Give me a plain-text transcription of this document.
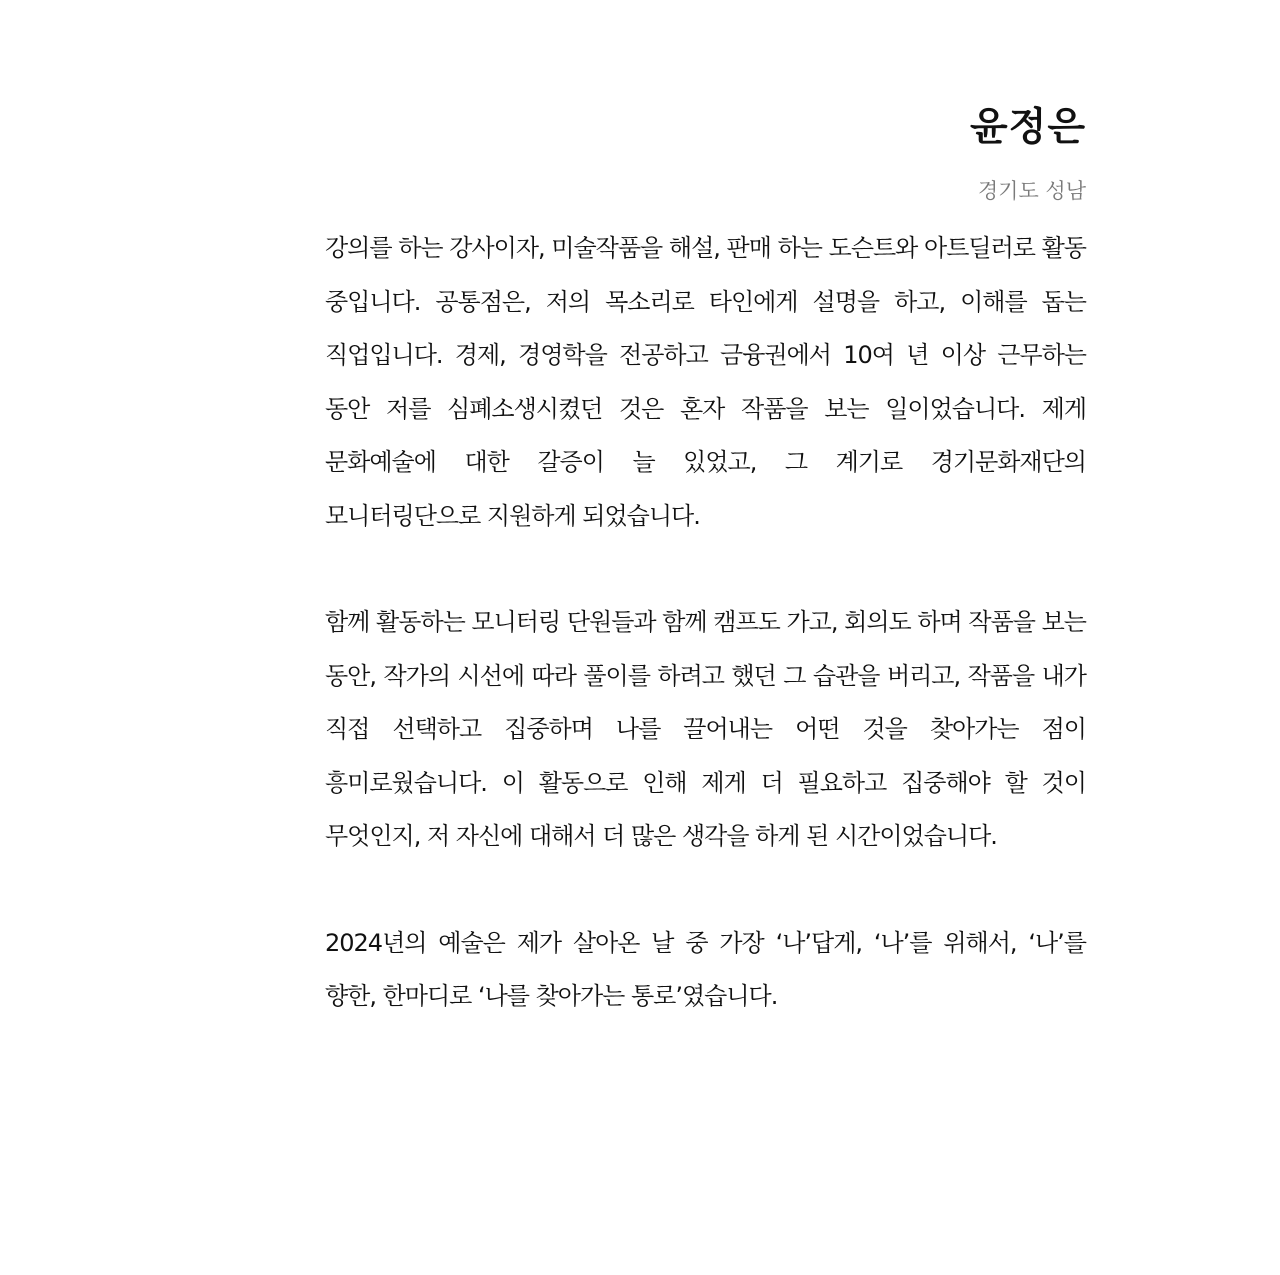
윤정은
경기도 성남

강의를 하는 강사이자, 미술작품을 해설, 판매 하는 도슨트와 아트딜러로 활동 중입니다. 공통점은, 저의 목소리로 타인에게 설명을 하고, 이해를 돕는 직업입니다. 경제, 경영학을 전공하고 금융권에서 10여 년 이상 근무하는 동안 저를 심폐소생시켰던 것은 혼자 작품을 보는 일이었습니다. 제게 문화예술에 대한 갈증이 늘 있었고, 그 계기로 경기문화재단의 모니터링단으로 지원하게 되었습니다.

함께 활동하는 모니터링 단원들과 함께 캠프도 가고, 회의도 하며 작품을 보는 동안, 작가의 시선에 따라 풀이를 하려고 했던 그 습관을 버리고, 작품을 내가 직접 선택하고 집중하며 나를 끌어내는 어떤 것을 찾아가는 점이 흥미로웠습니다. 이 활동으로 인해 제게 더 필요하고 집중해야 할 것이 무엇인지, 저 자신에 대해서 더 많은 생각을 하게 된 시간이었습니다.

2024년의 예술은 제가 살아온 날 중 가장 ‘나’답게, ‘나’를 위해서, ‘나’를 향한, 한마디로 ‘나를 찾아가는 통로’였습니다.
